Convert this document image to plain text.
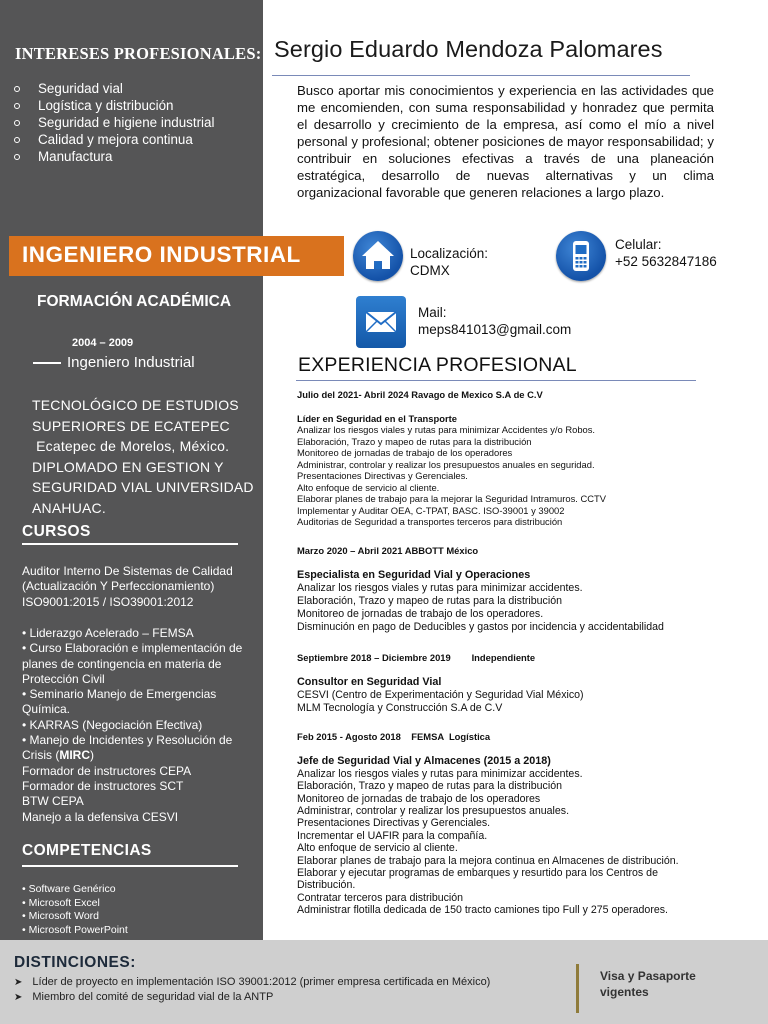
INTERESES PROFESIONALES:
Seguridad vial
Logística y distribución
Seguridad e higiene industrial
Calidad y mejora continua
Manufactura
FORMACIÓN ACADÉMICA
2004 – 2009
Ingeniero Industrial
TECNOLÓGICO DE ESTUDIOS SUPERIORES DE ECATEPEC
Ecatepec de Morelos, México.
DIPLOMADO EN GESTION Y SEGURIDAD VIAL UNIVERSIDAD ANAHUAC.
CURSOS
Auditor Interno De Sistemas de Calidad
(Actualización Y Perfeccionamiento)
ISO9001:2015 / ISO39001:2012
• Liderazgo Acelerado – FEMSA
• Curso Elaboración e implementación de planes de contingencia en materia de Protección Civil
• Seminario Manejo de Emergencias Química.
• KARRAS (Negociación Efectiva)
• Manejo de Incidentes y Resolución de Crisis (MIRC)
Formador de instructores CEPA
Formador de instructores SCT
BTW CEPA
Manejo a la defensiva CESVI
COMPETENCIAS
• Software Genérico
• Microsoft Excel
• Microsoft Word
• Microsoft PowerPoint
INGENIERO INDUSTRIAL
Sergio Eduardo Mendoza Palomares
Busco aportar mis conocimientos y experiencia en las actividades que me encomienden, con suma responsabilidad y honradez que permita el desarrollo y crecimiento de la empresa, así como el mío a nivel personal y profesional; obtener posiciones de mayor responsabilidad; y contribuir en soluciones efectivas a través de una planeación estratégica, desarrollo de nuevas alternativas y un clima organizacional favorable que generen relaciones a largo plazo.
Localización:
CDMX
Celular:
+52 5632847186
Mail:
meps841013@gmail.com
EXPERIENCIA PROFESIONAL
Julio del 2021- Abril 2024 Ravago de Mexico S.A de C.V
Líder en Seguridad en el Transporte
Analizar los riesgos viales y rutas para minimizar Accidentes y/o Robos.
Elaboración, Trazo y mapeo de rutas para la distribución
Monitoreo de jornadas de trabajo de los operadores
Administrar, controlar y realizar los presupuestos anuales en seguridad.
Presentaciones Directivas y Gerenciales.
Alto enfoque de servicio al cliente.
Elaborar planes de trabajo para la mejorar la Seguridad Intramuros. CCTV
Implementar y Auditar OEA, C-TPAT, BASC. ISO-39001 y 39002
Auditorias de Seguridad a transportes terceros para distribución
Marzo 2020 – Abril 2021 ABBOTT México
Especialista en Seguridad Vial y Operaciones
Analizar los riesgos viales y rutas para minimizar accidentes.
Elaboración, Trazo y mapeo de rutas para la distribución
Monitoreo de jornadas de trabajo de los operadores.
Disminución en pago de Deducibles y gastos por incidencia y accidentabilidad
Septiembre 2018 – Diciembre 2019        Independiente
Consultor en Seguridad Vial
CESVI (Centro de Experimentación y Seguridad Vial México)
MLM Tecnología y Construcción S.A de C.V
Feb 2015 - Agosto 2018    FEMSA  Logística
Jefe de Seguridad Vial y Almacenes (2015 a 2018)
Analizar los riesgos viales y rutas para minimizar accidentes.
Elaboración, Trazo y mapeo de rutas para la distribución
Monitoreo de jornadas de trabajo de los operadores
Administrar, controlar y realizar los presupuestos anuales.
Presentaciones Directivas y Gerenciales.
Incrementar el UAFIR para la compañía.
Alto enfoque de servicio al cliente.
Elaborar planes de trabajo para la mejora continua en Almacenes de distribución.
Elaborar y ejecutar programas de embarques y resurtido para los Centros de Distribución.
Contratar terceros para distribución
Administrar flotilla dedicada de 150 tracto camiones tipo Full y 275 operadores.
DISTINCIONES:
➤ Líder de proyecto en implementación ISO 39001:2012 (primer empresa certificada en México)
➤ Miembro del comité de seguridad vial de la ANTP
Visa y Pasaporte vigentes
